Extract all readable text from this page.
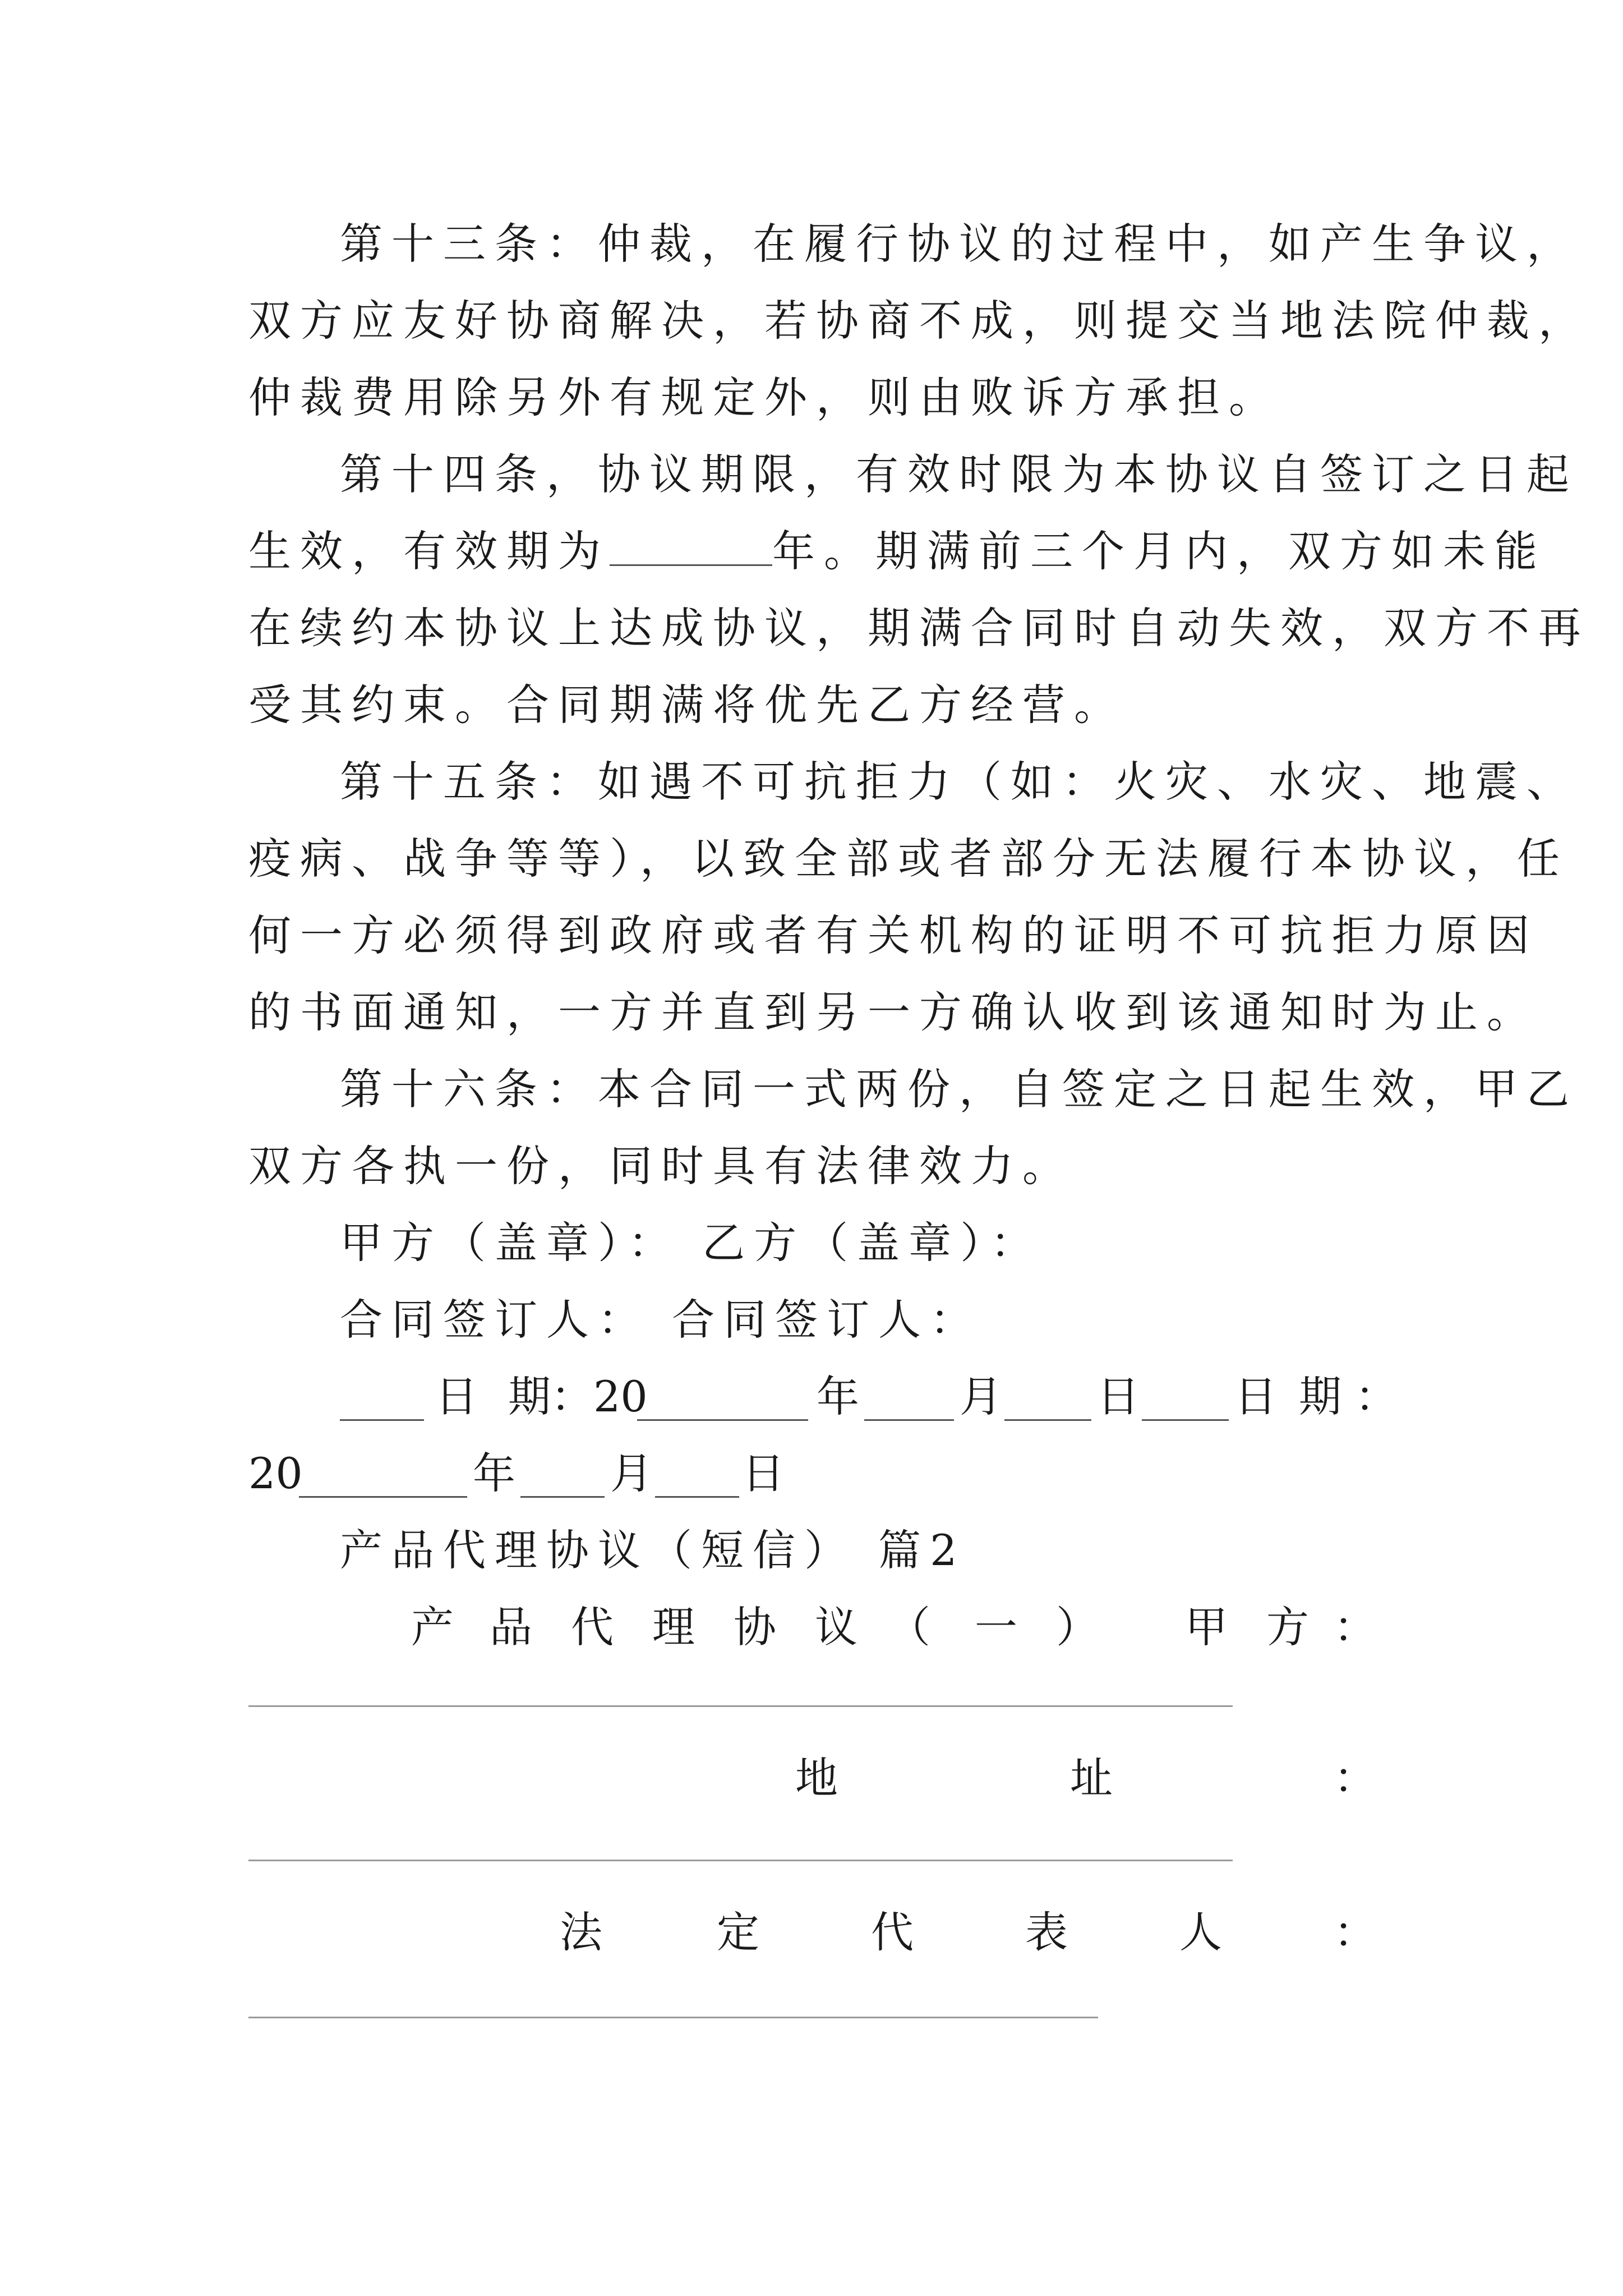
第十三条：仲裁，在履行协议的过程中，如产生争议，
双方应友好协商解决，若协商不成，则提交当地法院仲裁，
仲裁费用除另外有规定外，则由败诉方承担。
第十四条，协议期限，有效时限为本协议自签订之日起
生效，有效期为	年。期满前三个月内，双方如未能
在续约本协议上达成协议，期满合同时自动失效，双方不再
受其约束。合同期满将优先乙方经营。
第十五条：如遇不可抗拒力（如：火灾、水灾、地震、
疫病、战争等等），以致全部或者部分无法履行本协议，任
何一方必须得到政府或者有关机构的证明不可抗拒力原因
的书面通知，一方并直到另一方确认收到该通知时为止。
第十六条：本合同一式两份，自签定之日起生效，甲乙
双方各执一份，同时具有法律效力。
甲方（盖章）： 乙方（盖章）：
合同签订人： 合同签订人：
日 期：20	年 月 日 日 期 ：
20	年 月 日
产品代理协议（短信） 篇2
产 品 代 理 协 议 （ 一 ） 甲 方 ：
地	址	：
法	定	代	表	人	：
